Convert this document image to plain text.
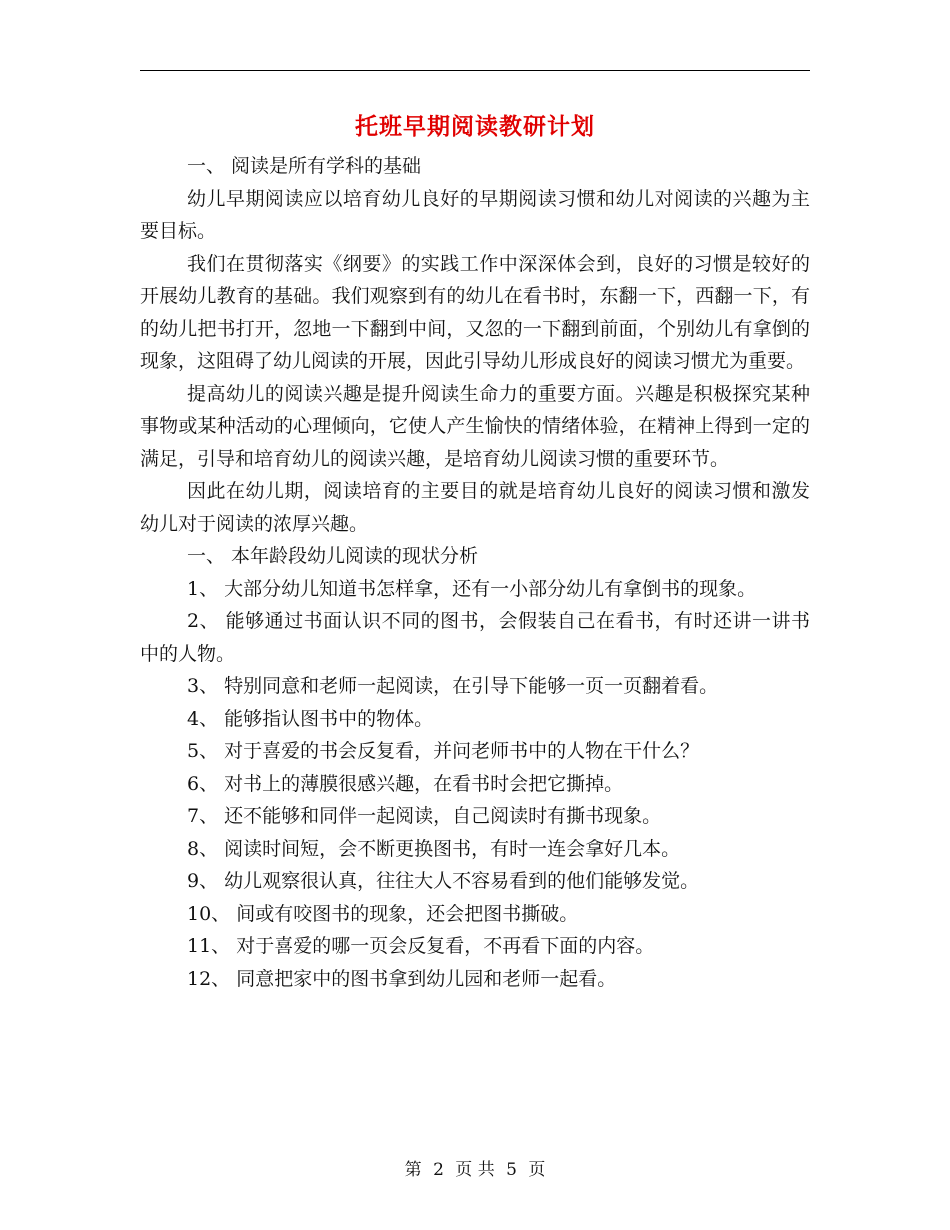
托班早期阅读教研计划

一、 阅读是所有学科的基础

幼儿早期阅读应以培育幼儿良好的早期阅读习惯和幼儿对阅读的兴趣为主要目标。

我们在贯彻落实《纲要》的实践工作中深深体会到，良好的习惯是较好的开展幼儿教育的基础。我们观察到有的幼儿在看书时，东翻一下，西翻一下，有的幼儿把书打开，忽地一下翻到中间，又忽的一下翻到前面，个别幼儿有拿倒的现象，这阻碍了幼儿阅读的开展，因此引导幼儿形成良好的阅读习惯尤为重要。

提高幼儿的阅读兴趣是提升阅读生命力的重要方面。兴趣是积极探究某种事物或某种活动的心理倾向，它使人产生愉快的情绪体验，在精神上得到一定的满足，引导和培育幼儿的阅读兴趣，是培育幼儿阅读习惯的重要环节。

因此在幼儿期，阅读培育的主要目的就是培育幼儿良好的阅读习惯和激发幼儿对于阅读的浓厚兴趣。

一、 本年龄段幼儿阅读的现状分析

1、 大部分幼儿知道书怎样拿，还有一小部分幼儿有拿倒书的现象。

2、 能够通过书面认识不同的图书，会假装自己在看书，有时还讲一讲书中的人物。

3、 特别同意和老师一起阅读，在引导下能够一页一页翻着看。

4、 能够指认图书中的物体。

5、 对于喜爱的书会反复看，并问老师书中的人物在干什么？

6、 对书上的薄膜很感兴趣，在看书时会把它撕掉。

7、 还不能够和同伴一起阅读，自己阅读时有撕书现象。

8、 阅读时间短，会不断更换图书，有时一连会拿好几本。

9、 幼儿观察很认真，往往大人不容易看到的他们能够发觉。

10、 间或有咬图书的现象，还会把图书撕破。

11、 对于喜爱的哪一页会反复看，不再看下面的内容。

12、 同意把家中的图书拿到幼儿园和老师一起看。

第 2 页 共 5 页
